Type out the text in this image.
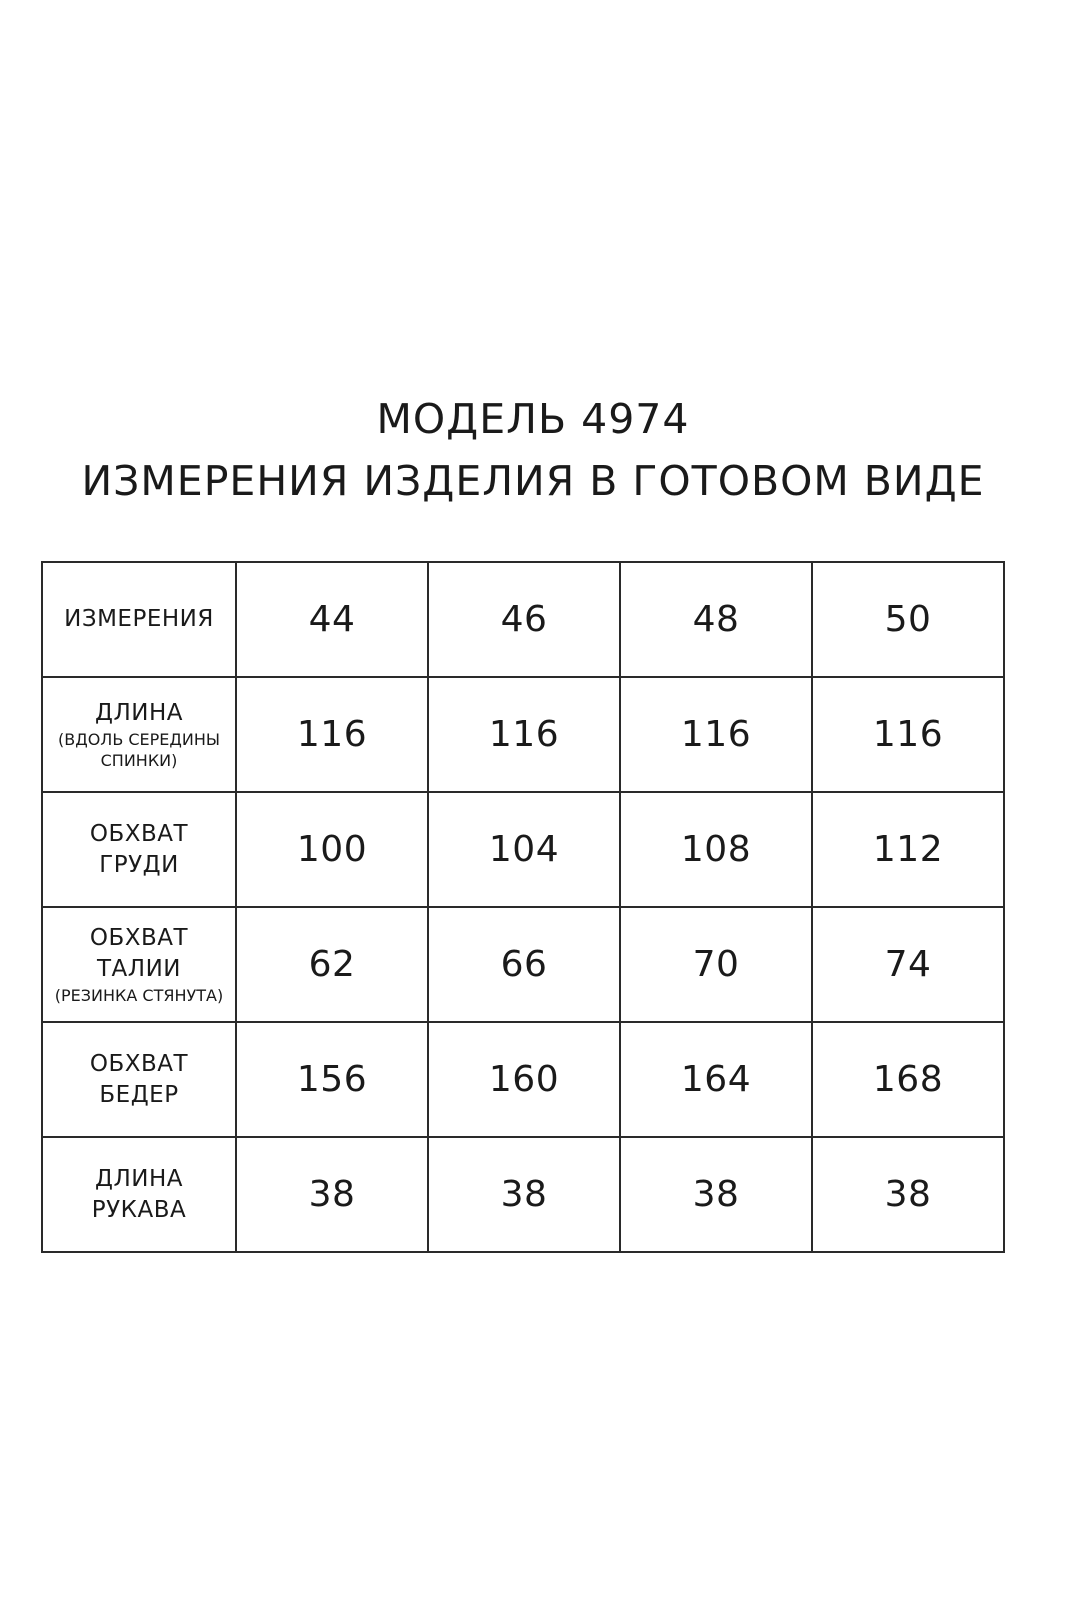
МОДЕЛЬ 4974
ИЗМЕРЕНИЯ ИЗДЕЛИЯ В ГОТОВОМ ВИДЕ
ИЗМЕРЕНИЯ	44	46	48	50

ДЛИНА
(ВДОЛЬ СЕРЕДИНЫ
СПИНКИ)	116	116	116	116

ОБХВАТ
ГРУДИ	100	104	108	112

ОБХВАТ
ТАЛИИ
(РЕЗИНКА СТЯНУТА)	62	66	70	74

ОБХВАТ
БЕДЕР	156	160	164	168

ДЛИНА
РУКАВА	38	38	38	38
